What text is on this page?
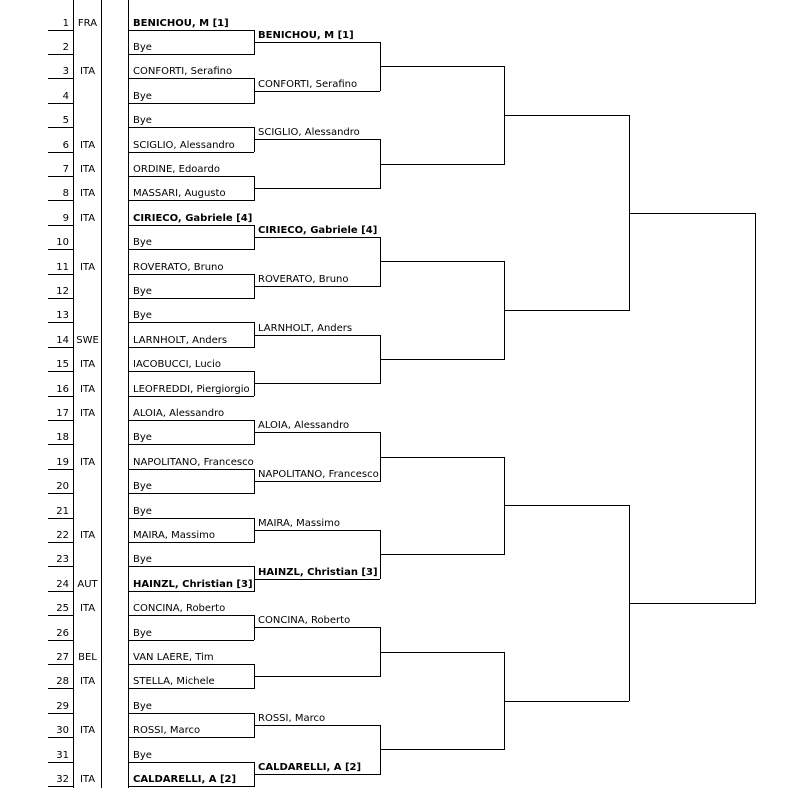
1 FRA	BENICHOU, M [1]
2	Bye
3	ITA	CONFORTI, Serafino
4	Bye
5	Bye
6	ITA	SCIGLIO, Alessandro
7	ITA	ORDINE, Edoardo
8	ITA	MASSARI, Augusto
9	ITA	CIRIECO, Gabriele [4]
10	Bye
11	ITA	ROVERATO, Bruno
12	Bye
13	Bye
14 SWE	LARNHOLT, Anders
15	ITA	IACOBUCCI, Lucio
16	ITA	LEOFREDDI, Piergiorgio
17	ITA	ALOIA, Alessandro
18	Bye
19	ITA	NAPOLITANO, Francesco
20	Bye
21	Bye
22	ITA	MAIRA, Massimo
23	Bye
24 AUT	HAINZL, Christian [3]
25	ITA	CONCINA, Roberto
26	Bye
27 BEL	VAN LAERE, Tim
28	ITA	STELLA, Michele
29	Bye
30	ITA	ROSSI, Marco
31	Bye
32	ITA	CALDARELLI, A [2]
BENICHOU, M [1]
CONFORTI, Serafino
SCIGLIO, Alessandro
CIRIECO, Gabriele [4]
ROVERATO, Bruno
LARNHOLT, Anders
ALOIA, Alessandro
NAPOLITANO, Francesco
MAIRA, Massimo
HAINZL, Christian [3]
CONCINA, Roberto
ROSSI, Marco
CALDARELLI, A [2]
